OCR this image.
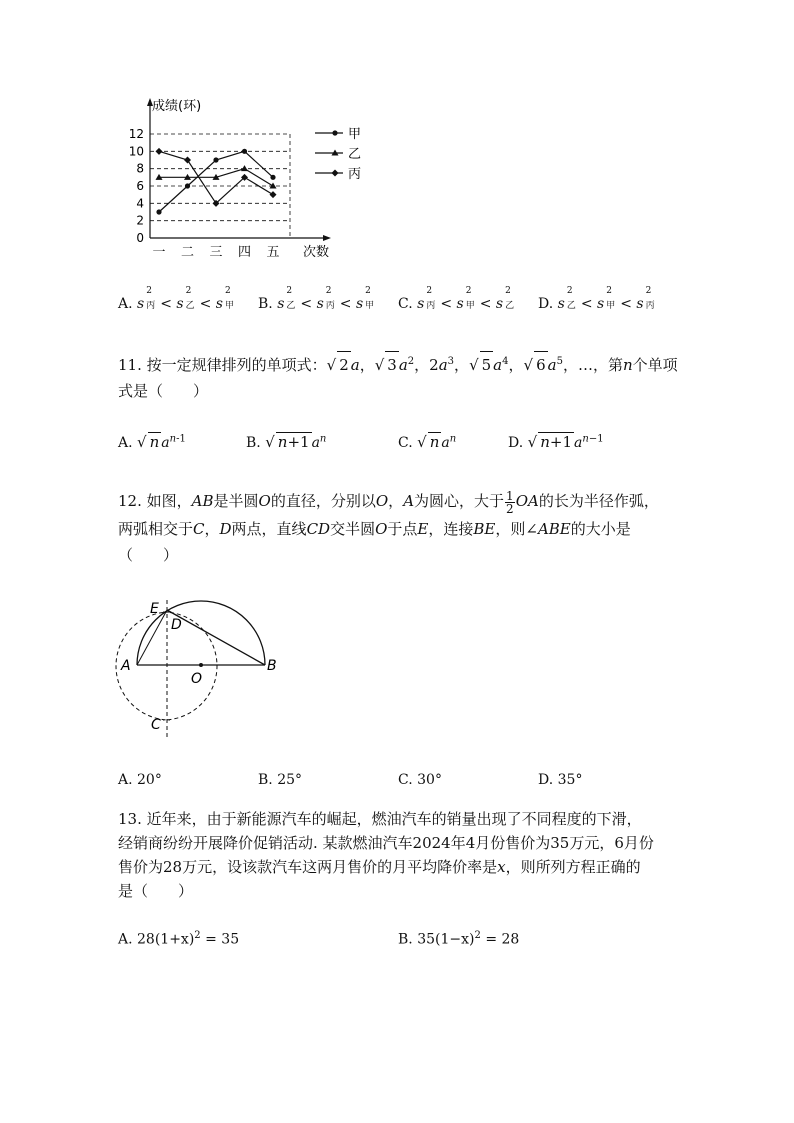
0
2
4
6
8
10
12
成绩(环)
一 二 三 四 五 次数
甲
乙
丙
A. s
2
丙 < s
2
乙 < s
2
甲 B. s
2
乙 < s
2
丙 < s
2
甲 C. s
2
丙 < s
2
甲 < s
2
乙 D. s
2
乙 < s
2
甲 < s
2
丙
11. 按一定规律排列的单项式：√ 2 a，√ 3 $a^2$，$2a^3$，√ 5 $a^4$，√ 6 $a^5$，…，第n个单项
式是（　　）
A. √ n $a^{n-1}$	B. √ n+1 $a^n$	C. √ n $a^n$	D. √ n+1 $a^{n-1}$
12. 如图，AB是半圆O的直径，分别以O，A为圆心，大于 $\frac{1}{2}$ OA的长为半径作弧，
两弧相交于C，D两点，直线CD交半圆O于点E，连接BE，则∠ABE的大小是
（　　）
A	B
O
E
D
C
A. 20°	B. 25°	C. 30°	D. 35°
13. 近年来，由于新能源汽车的崛起，燃油汽车的销量出现了不同程度的下滑，
经销商纷纷开展降价促销活动. 某款燃油汽车2024年4月份售价为35万元，6月份
售价为28万元，设该款汽车这两月售价的月平均降价率是x，则所列方程正确的
是（　　）
A. $28(1+x)^2 = 35$	B. $35(1-x)^2 = 28$
